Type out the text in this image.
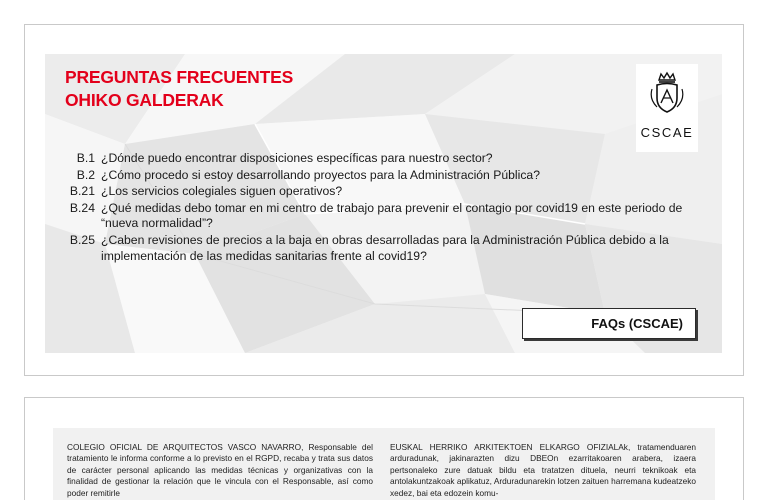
PREGUNTAS FRECUENTES
OHIKO GALDERAK
CSCAE
B.1 ¿Dónde puedo encontrar disposiciones específicas para nuestro sector?
B.2 ¿Cómo procedo si estoy desarrollando proyectos para la Administración Pública?
B.21 ¿Los servicios colegiales siguen operativos?
B.24 ¿Qué medidas debo tomar en mi centro de trabajo para prevenir el contagio por covid19 en este periodo de “nueva normalidad”?
B.25 ¿Caben revisiones de precios a la baja en obras desarrolladas para la Administración Pública debido a la implementación de las medidas sanitarias frente al covid19?
FAQs (CSCAE)

COLEGIO OFICIAL DE ARQUITECTOS VASCO NAVARRO, Responsable del tratamiento le informa conforme a lo previsto en el RGPD, recaba y trata sus datos de carácter personal aplicando las medidas técnicas y organizativas con la finalidad de gestionar la relación que le vincula con el Responsable, así como poder remitirle

EUSKAL HERRIKO ARKITEKTOEN ELKARGO OFIZIALAk, tratamenduaren arduradunak, jakinarazten dizu DBEOn ezarritakoaren arabera, izaera pertsonaleko zure datuak bildu eta tratatzen dituela, neurri teknikoak eta antolakuntzakoak aplikatuz, Arduradunarekin lotzen zaituen harremana kudeatzeko xedez, bai eta edozein komu-
